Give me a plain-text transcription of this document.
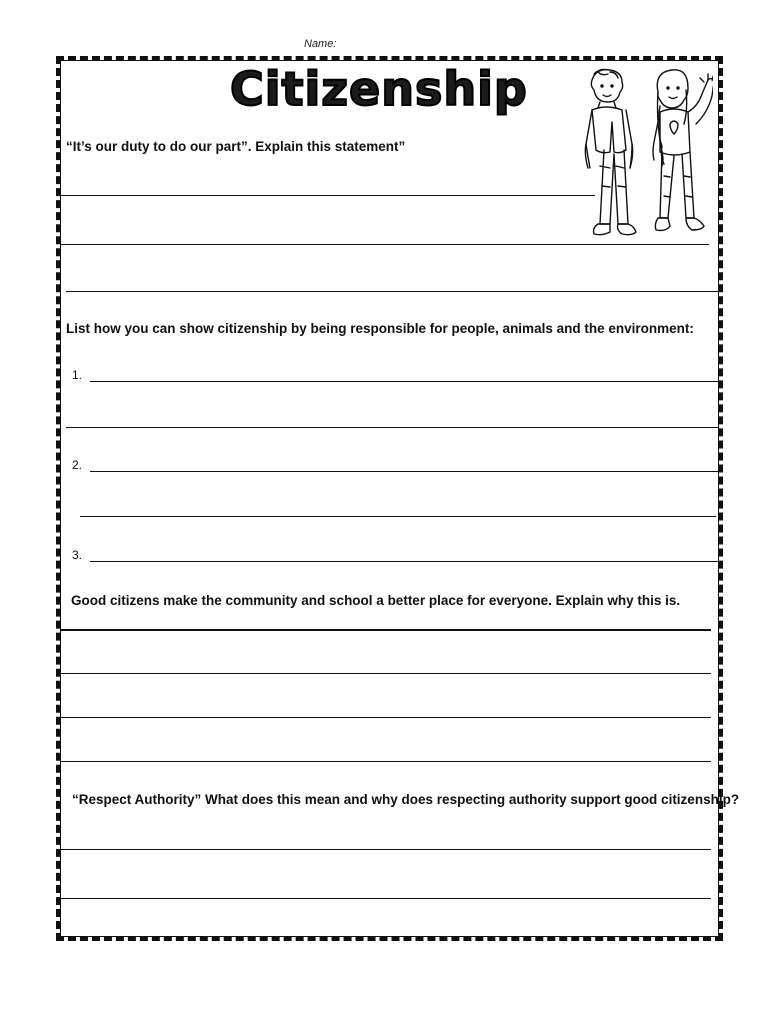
Name:
Citizenship
“It’s our duty to do our part”. Explain this statement”
List how you can show citizenship by being responsible for people, animals and the environment:
1.
2.
3.
Good citizens make the community and school a better place for everyone. Explain why this is.
“Respect Authority” What does this mean and why does respecting authority support good citizenship?
